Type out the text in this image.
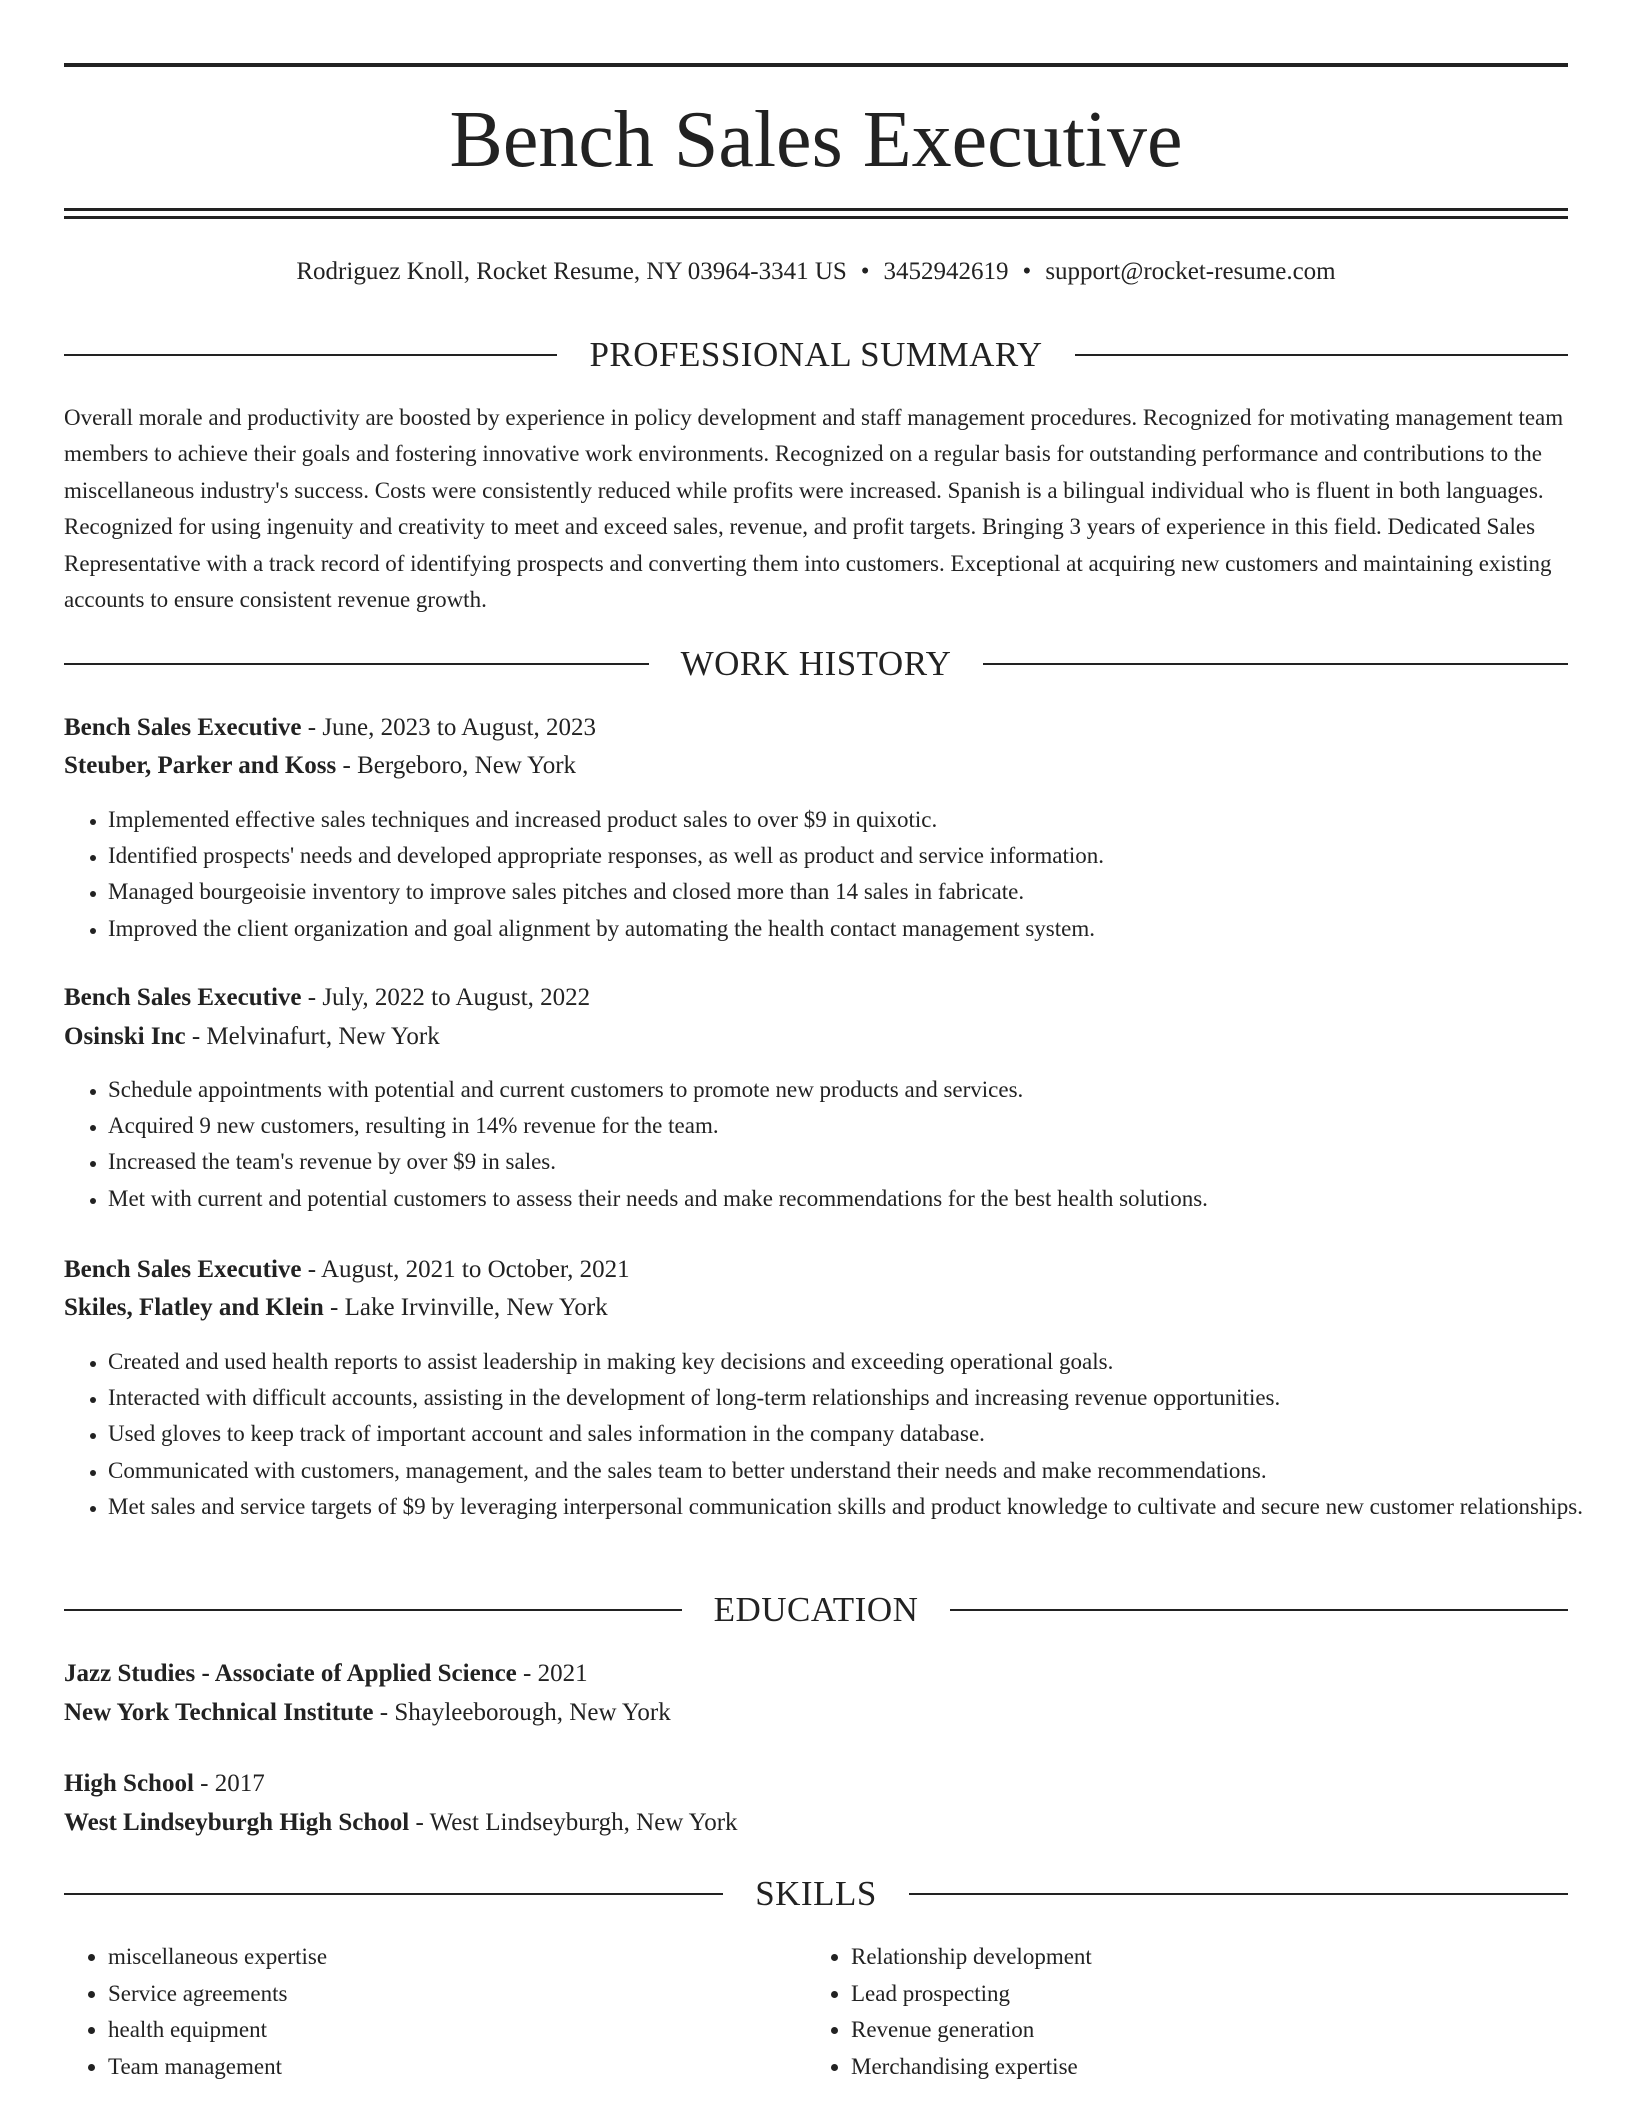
Bench Sales Executive
Rodriguez Knoll, Rocket Resume, NY 03964-3341 US • 3452942619 • support@rocket-resume.com
PROFESSIONAL SUMMARY

Overall morale and productivity are boosted by experience in policy development and staff management procedures. Recognized for motivating management team members to achieve their goals and fostering innovative work environments. Recognized on a regular basis for outstanding performance and contributions to the miscellaneous industry's success. Costs were consistently reduced while profits were increased. Spanish is a bilingual individual who is fluent in both languages. Recognized for using ingenuity and creativity to meet and exceed sales, revenue, and profit targets. Bringing 3 years of experience in this field. Dedicated Sales Representative with a track record of identifying prospects and converting them into customers. Exceptional at acquiring new customers and maintaining existing accounts to ensure consistent revenue growth.

WORK HISTORY
Bench Sales Executive - June, 2023 to August, 2023
Steuber, Parker and Koss - Bergeboro, New York
• Implemented effective sales techniques and increased product sales to over $9 in quixotic.
• Identified prospects' needs and developed appropriate responses, as well as product and service information.
• Managed bourgeoisie inventory to improve sales pitches and closed more than 14 sales in fabricate.
• Improved the client organization and goal alignment by automating the health contact management system.
Bench Sales Executive - July, 2022 to August, 2022
Osinski Inc - Melvinafurt, New York
• Schedule appointments with potential and current customers to promote new products and services.
• Acquired 9 new customers, resulting in 14% revenue for the team.
• Increased the team's revenue by over $9 in sales.
• Met with current and potential customers to assess their needs and make recommendations for the best health solutions.
Bench Sales Executive - August, 2021 to October, 2021
Skiles, Flatley and Klein - Lake Irvinville, New York
• Created and used health reports to assist leadership in making key decisions and exceeding operational goals.
• Interacted with difficult accounts, assisting in the development of long-term relationships and increasing revenue opportunities.
• Used gloves to keep track of important account and sales information in the company database.
• Communicated with customers, management, and the sales team to better understand their needs and make recommendations.
• Met sales and service targets of $9 by leveraging interpersonal communication skills and product knowledge to cultivate and secure new customer relationships.
EDUCATION
Jazz Studies - Associate of Applied Science - 2021
New York Technical Institute - Shayleeborough, New York
High School - 2017
West Lindseyburgh High School - West Lindseyburgh, New York
SKILLS
• miscellaneous expertise
• Service agreements
• health equipment
• Team management
• Relationship development
• Lead prospecting
• Revenue generation
• Merchandising expertise
